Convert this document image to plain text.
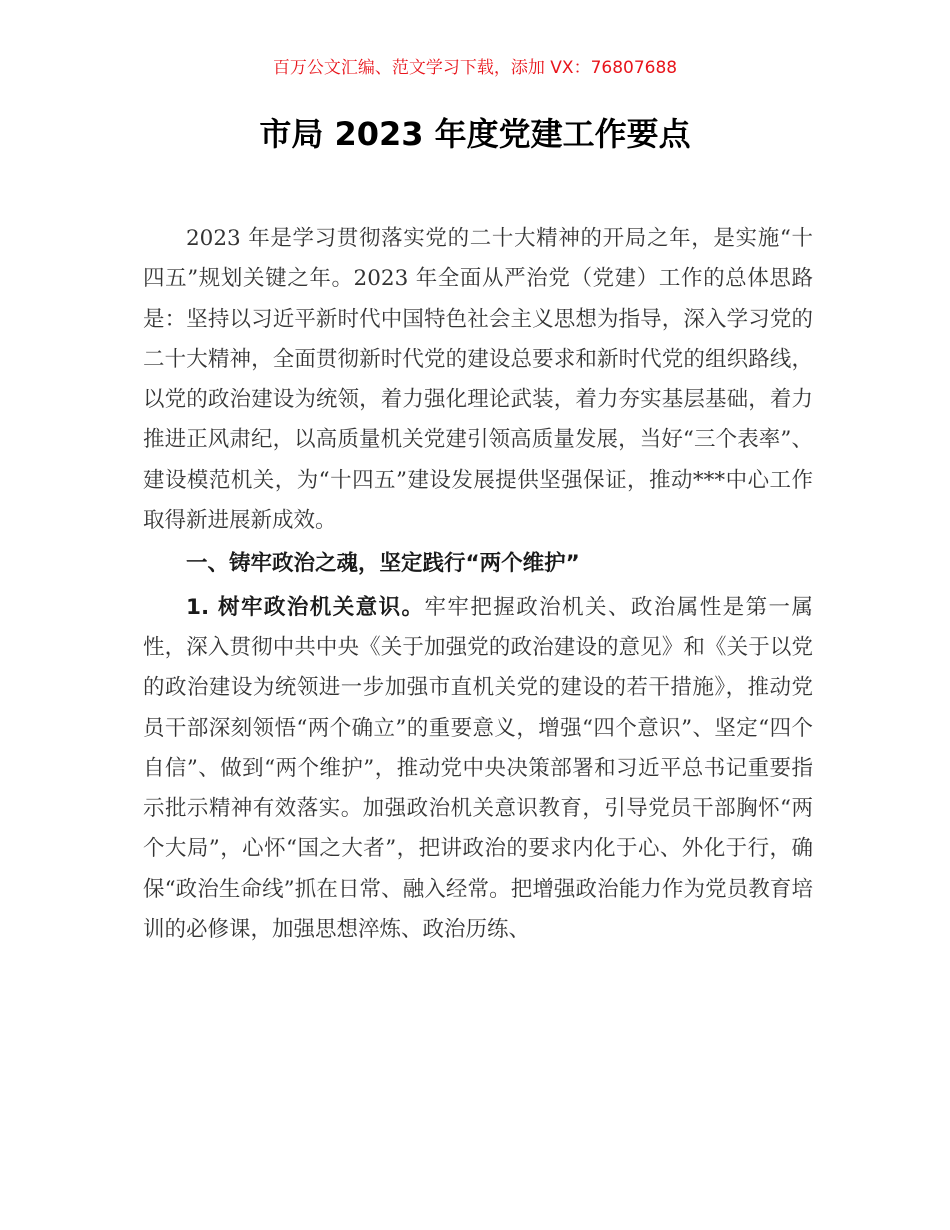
百万公文汇编、范文学习下载，添加 VX：76807688
市局 2023 年度党建工作要点

2023 年是学习贯彻落实党的二十大精神的开局之年，是实施“十四五”规划关键之年。2023 年全面从严治党（党建）工作的总体思路是：坚持以习近平新时代中国特色社会主义思想为指导，深入学习党的二十大精神，全面贯彻新时代党的建设总要求和新时代党的组织路线，以党的政治建设为统领，着力强化理论武装，着力夯实基层基础，着力推进正风肃纪，以高质量机关党建引领高质量发展，当好“三个表率”、建设模范机关，为“十四五”建设发展提供坚强保证，推动***中心工作取得新进展新成效。

一、铸牢政治之魂，坚定践行“两个维护”

1. 树牢政治机关意识。牢牢把握政治机关、政治属性是第一属性，深入贯彻中共中央《关于加强党的政治建设的意见》和《关于以党的政治建设为统领进一步加强市直机关党的建设的若干措施》，推动党员干部深刻领悟“两个确立”的重要意义，增强“四个意识”、坚定“四个自信”、做到“两个维护”，推动党中央决策部署和习近平总书记重要指示批示精神有效落实。加强政治机关意识教育，引导党员干部胸怀“两个大局”，心怀“国之大者”，把讲政治的要求内化于心、外化于行，确保“政治生命线”抓在日常、融入经常。把增强政治能力作为党员教育培训的必修课，加强思想淬炼、政治历练、
